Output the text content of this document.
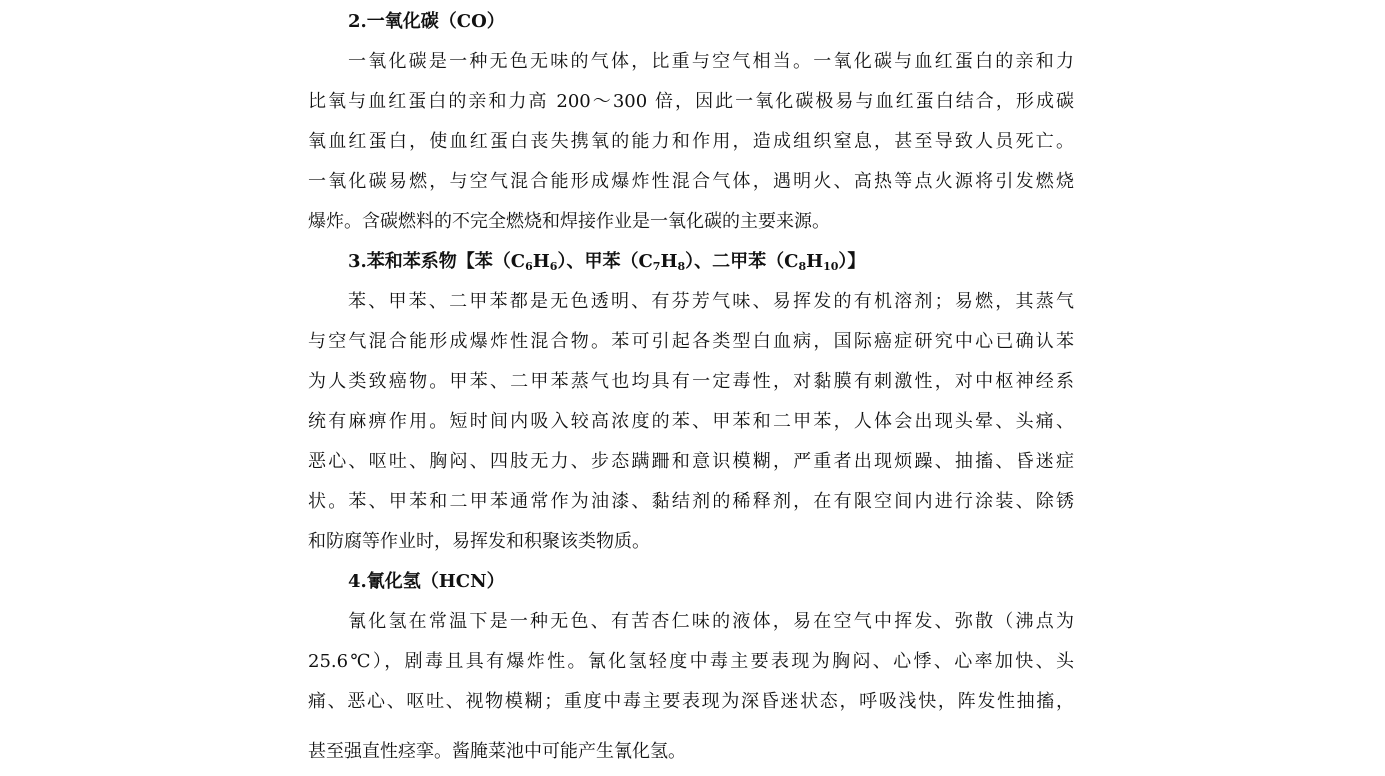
2.一氧化碳（CO）
一氧化碳是一种无色无味的气体，比重与空气相当。一氧化碳与血红蛋白的亲和力
比氧与血红蛋白的亲和力高 200～300 倍，因此一氧化碳极易与血红蛋白结合，形成碳
氧血红蛋白，使血红蛋白丧失携氧的能力和作用，造成组织窒息，甚至导致人员死亡。
一氧化碳易燃，与空气混合能形成爆炸性混合气体，遇明火、高热等点火源将引发燃烧
爆炸。含碳燃料的不完全燃烧和焊接作业是一氧化碳的主要来源。
3.苯和苯系物【苯$(C_6H_6)$、甲苯$(C_7H_8)$、二甲苯$(C_8H_{10})$】
苯、甲苯、二甲苯都是无色透明、有芬芳气味、易挥发的有机溶剂；易燃，其蒸气
与空气混合能形成爆炸性混合物。苯可引起各类型白血病，国际癌症研究中心已确认苯
为人类致癌物。甲苯、二甲苯蒸气也均具有一定毒性，对黏膜有刺激性，对中枢神经系
统有麻痹作用。短时间内吸入较高浓度的苯、甲苯和二甲苯，人体会出现头晕、头痛、
恶心、呕吐、胸闷、四肢无力、步态蹒跚和意识模糊，严重者出现烦躁、抽搐、昏迷症
状。苯、甲苯和二甲苯通常作为油漆、黏结剂的稀释剂，在有限空间内进行涂装、除锈
和防腐等作业时，易挥发和积聚该类物质。
4.氰化氢（HCN）
氰化氢在常温下是一种无色、有苦杏仁味的液体，易在空气中挥发、弥散（沸点为
25.6℃），剧毒且具有爆炸性。氰化氢轻度中毒主要表现为胸闷、心悸、心率加快、头
痛、恶心、呕吐、视物模糊；重度中毒主要表现为深昏迷状态，呼吸浅快，阵发性抽搐，
甚至强直性痉挛。酱腌菜池中可能产生氰化氢。
